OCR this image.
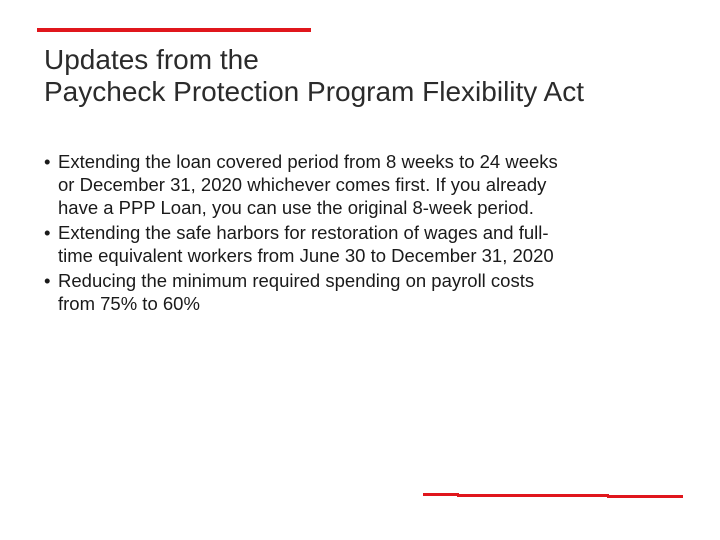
Updates from the
Paycheck Protection Program Flexibility Act
• Extending the loan covered period from 8 weeks to 24 weeks
or December 31, 2020 whichever comes first. If you already
have a PPP Loan, you can use the original 8-week period.
• Extending the safe harbors for restoration of wages and full-
time equivalent workers from June 30 to December 31, 2020
• Reducing the minimum required spending on payroll costs
from 75% to 60%
